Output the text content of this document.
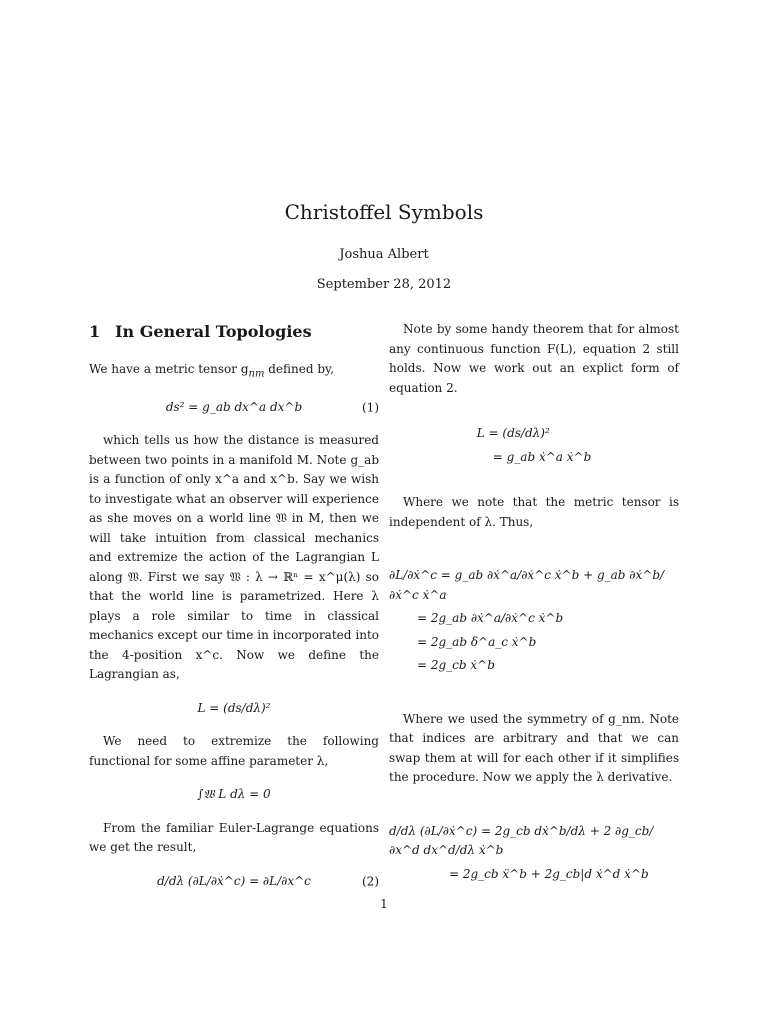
Christoffel Symbols
Joshua Albert
September 28, 2012
1 In General Topologies

We have a metric tensor $g_{nm}$ defined by,

ds² = g_ab dx^a dx^b	(1)

which tells us how the distance is measured between two points in a manifold M. Note g_ab is a function of only x^a and x^b. Say we wish to investigate what an observer will experience as she moves on a world line 𝔚 in M, then we will take intuition from classical mechanics and extremize the action of the Lagrangian L along 𝔚. First we say 𝔚 : λ → ℝⁿ = x^μ(λ) so that the world line is parametrized. Here λ plays a role similar to time in classical mechanics except our time in incorporated into the 4-position x^c. Now we define the Lagrangian as,

L = (ds/dλ)²

We need to extremize the following functional for some affine parameter λ,

∫𝔚 L dλ = 0

From the familiar Euler-Lagrange equations we get the result,

d/dλ (∂L/∂ẋ^c) = ∂L/∂x^c	(2)

Note by some handy theorem that for almost any continuous function F(L), equation 2 still holds. Now we work out an explict form of equation 2.

L = (ds/dλ)²
= g_ab ẋ^a ẋ^b

Where we note that the metric tensor is independent of λ. Thus,

∂L/∂ẋ^c = g_ab ∂ẋ^a/∂ẋ^c ẋ^b + g_ab ∂ẋ^b/∂ẋ^c ẋ^a
= 2g_ab ∂ẋ^a/∂ẋ^c ẋ^b
= 2g_ab δ^a_c ẋ^b
= 2g_cb ẋ^b

Where we used the symmetry of g_nm. Note that indices are arbitrary and that we can swap them at will for each other if it simplifies the procedure. Now we apply the λ derivative.

d/dλ (∂L/∂ẋ^c) = 2g_cb dẋ^b/dλ + 2 ∂g_cb/∂x^d dx^d/dλ ẋ^b
= 2g_cb ẍ^b + 2g_cb|d ẋ^d ẋ^b
1
